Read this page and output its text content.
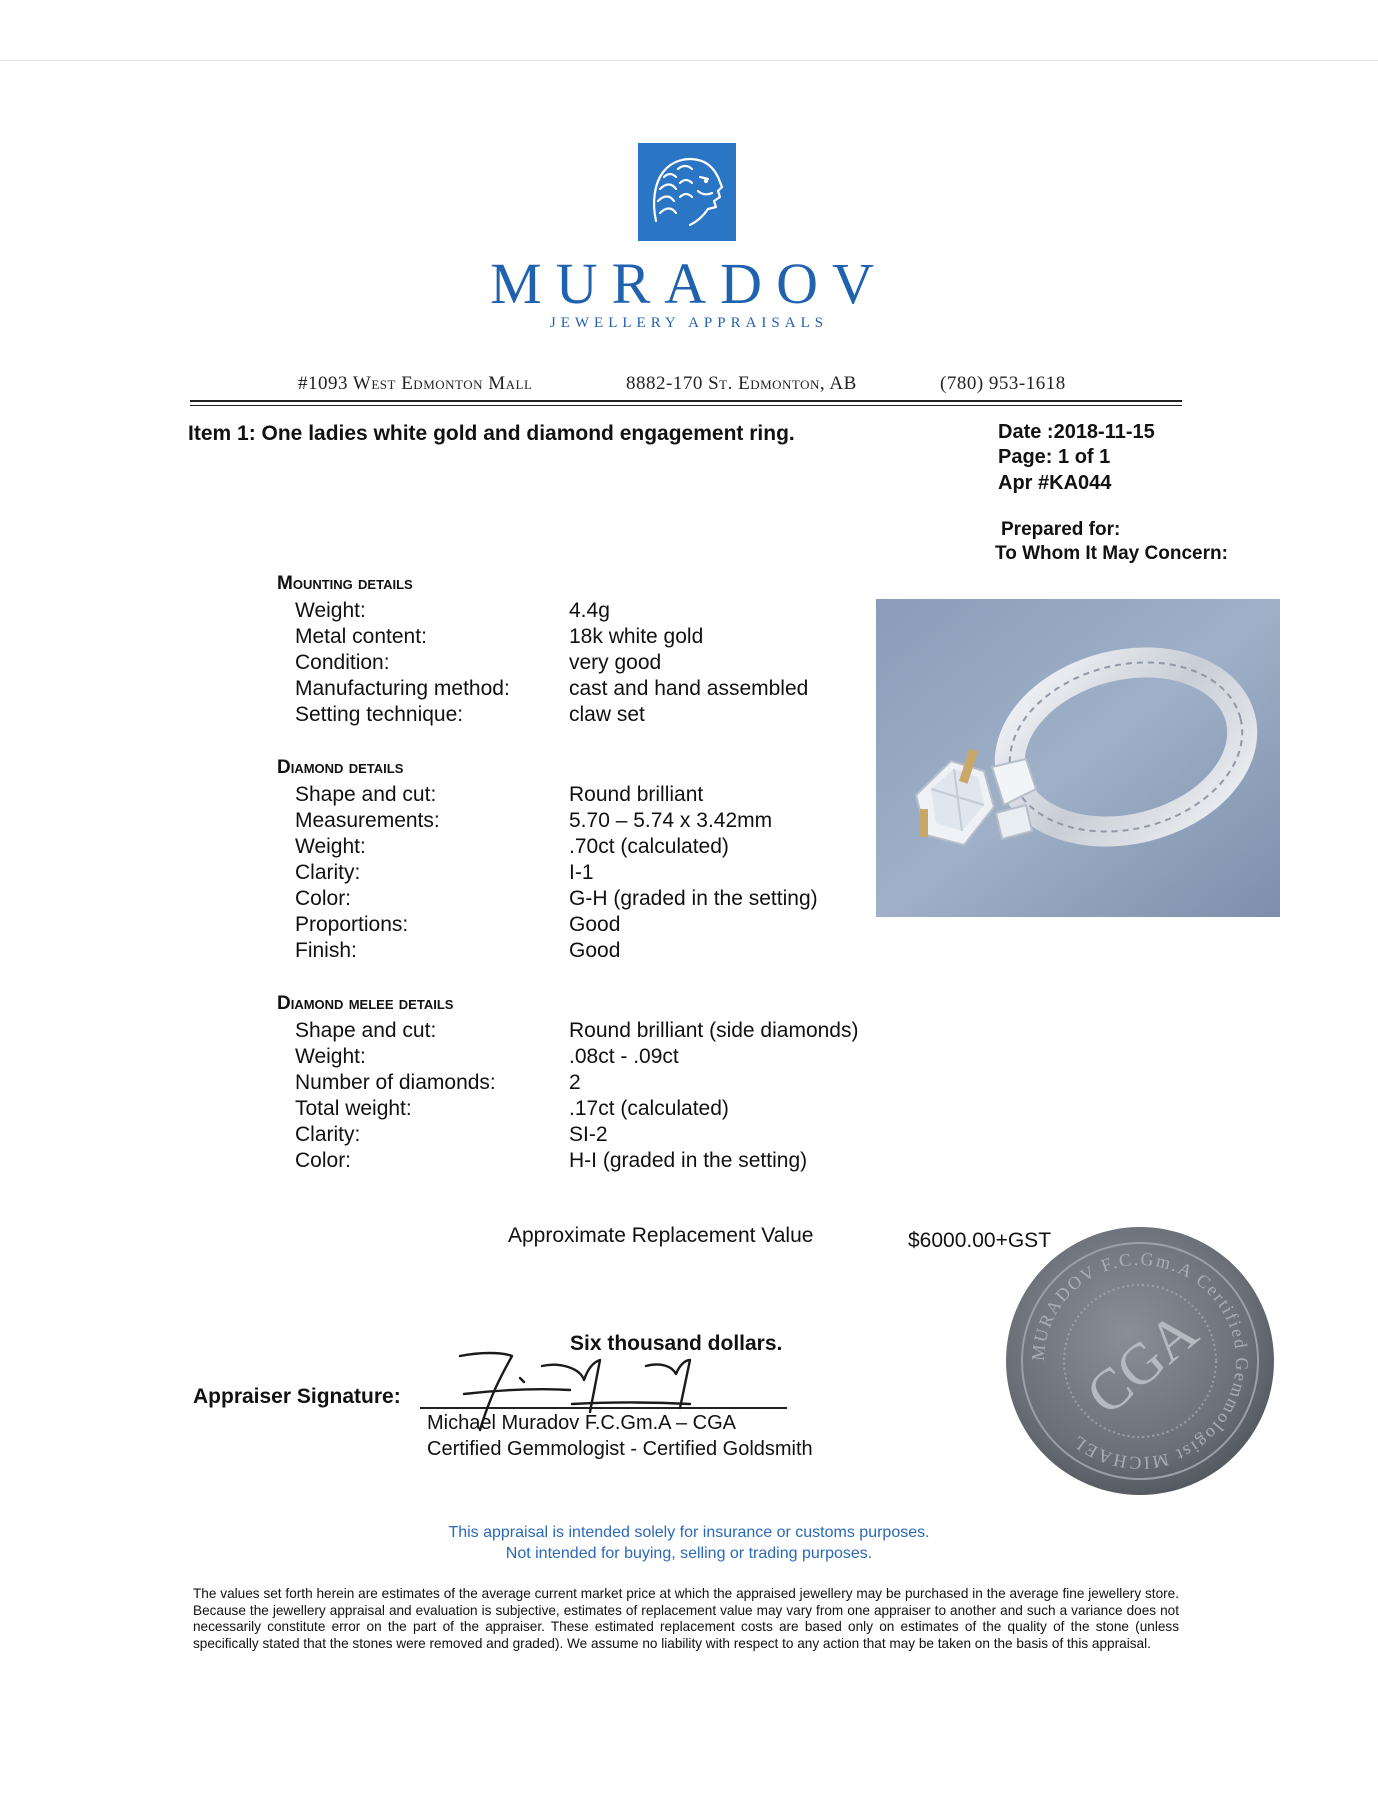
MURADOV
JEWELLERY APPRAISALS
#1093 West Edmonton Mall	8882-170 St. Edmonton, AB	(780) 953-1618
Item 1: One ladies white gold and diamond engagement ring.	Date :2018-11-15
Page: 1 of 1
Apr #KA044
Prepared for:
To Whom It May Concern:
Mounting details
Weight:	4.4g
Metal content:	18k white gold
Condition:	very good
Manufacturing method:	cast and hand assembled
Setting technique:	claw set
Diamond details
Shape and cut:	Round brilliant
Measurements:	5.70 – 5.74 x 3.42mm
Weight:	.70ct (calculated)
Clarity:	I-1
Color:	G-H (graded in the setting)
Proportions:	Good
Finish:	Good
Diamond melee details
Shape and cut:	Round brilliant (side diamonds)
Weight:	.08ct - .09ct
Number of diamonds:	2
Total weight:	.17ct (calculated)
Clarity:	SI-2
Color:	H-I (graded in the setting)
Approximate Replacement Value	$6000.00+GST
Six thousand dollars.
Appraiser Signature:
Michael Muradov F.C.Gm.A – CGA
Certified Gemmologist - Certified Goldsmith
MURADOV F.C.Gm.A Certified Gemmologist MICHAEL
CGA
This appraisal is intended solely for insurance or customs purposes.
Not intended for buying, selling or trading purposes.
The values set forth herein are estimates of the average current market price at which the appraised jewellery may be purchased in the average fine jewellery store. Because the jewellery appraisal and evaluation is subjective, estimates of replacement value may vary from one appraiser to another and such a variance does not necessarily constitute error on the part of the appraiser. These estimated replacement costs are based only on estimates of the quality of the stone (unless specifically stated that the stones were removed and graded). We assume no liability with respect to any action that may be taken on the basis of this appraisal.
